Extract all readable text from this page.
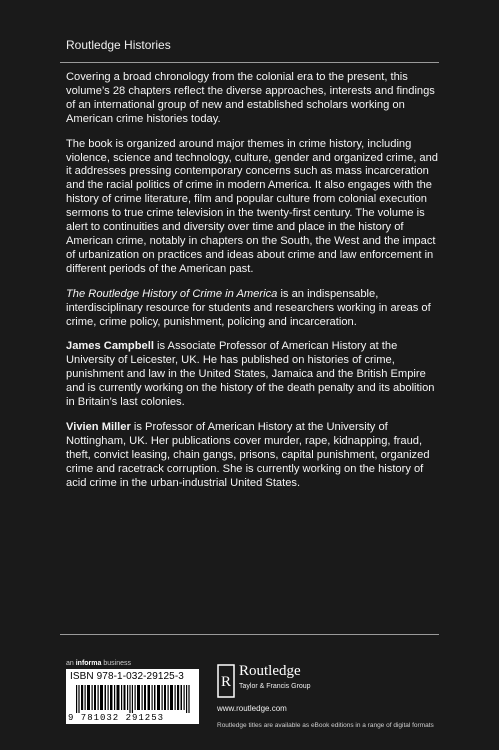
Routledge Histories

Covering a broad chronology from the colonial era to the present, this volume’s 28 chapters reflect the diverse approaches, interests and findings of an international group of new and established scholars working on American crime histories today.

The book is organized around major themes in crime history, including violence, science and technology, culture, gender and organized crime, and it addresses pressing contemporary concerns such as mass incarceration and the racial politics of crime in modern America. It also engages with the history of crime literature, film and popular culture from colonial execution sermons to true crime television in the twenty-first century. The volume is alert to continuities and diversity over time and place in the history of American crime, notably in chapters on the South, the West and the impact of urbanization on practices and ideas about crime and law enforcement in different periods of the American past.

The Routledge History of Crime in America is an indispensable, interdisciplinary resource for students and researchers working in areas of crime, crime policy, punishment, policing and incarceration.

James Campbell is Associate Professor of American History at the University of Leicester, UK. He has published on histories of crime, punishment and law in the United States, Jamaica and the British Empire and is currently working on the history of the death penalty and its abolition in Britain’s last colonies.

Vivien Miller is Professor of American History at the University of Nottingham, UK. Her publications cover murder, rape, kidnapping, fraud, theft, convict leasing, chain gangs, prisons, capital punishment, organized crime and racetrack corruption. She is currently working on the history of acid crime in the urban-industrial United States.

an informa business
ISBN 978-1-032-29125-3
9 781032 291253
R
Routledge
Taylor & Francis Group
www.routledge.com
Routledge titles are available as eBook editions in a range of digital formats
